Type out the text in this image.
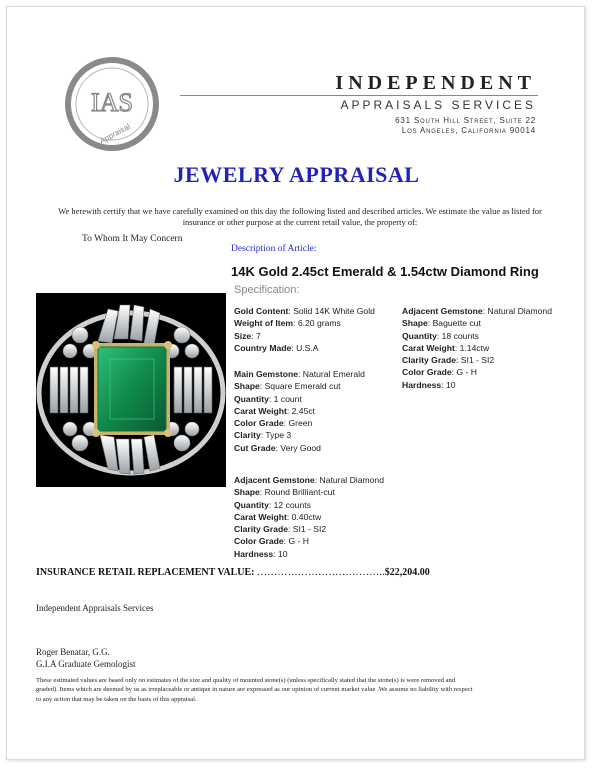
IAS
Appraisal
INDEPENDENT
APPRAISALS SERVICES
631 South Hill Street, Suite 22
Los Angeles, California 90014
JEWELRY APPRAISAL
We herewith certify that we have carefully examined on this day the following listed and described articles. We estimate the value as listed for insurance or other purpose at the current retail value, the property of:
To Whom It May Concern
Description of Article:
14K Gold 2.45ct Emerald & 1.54ctw Diamond Ring
Specification:
Gold Content: Solid 14K White Gold
Weight of Item: 6.20 grams
Size: 7
Country Made: U.S.A
Main Gemstone: Natural Emerald
Shape: Square Emerald cut
Quantity: 1 count
Carat Weight: 2.45ct
Color Grade: Green
Clarity: Type 3
Cut Grade: Very Good
Adjacent Gemstone: Natural Diamond
Shape: Round Brilliant-cut
Quantity: 12 counts
Carat Weight: 0.40ctw
Clarity Grade: SI1 - SI2
Color Grade: G - H
Hardness: 10
Adjacent Gemstone: Natural Diamond
Shape: Baguette cut
Quantity: 18 counts
Carat Weight: 1.14ctw
Clarity Grade: SI1 - SI2
Color Grade: G - H
Hardness: 10
INSURANCE RETAIL REPLACEMENT VALUE: ………………………………..$22,204.00
Independent Appraisals Services
Roger Benatar, G.G.
G.I.A Graduate Gemologist
These estimated values are based only on estimates of the size and quality of mounted stone(s) (unless specifically stated that the stone(s) is were removed and graded). Items which are deemed by us as irreplaceable or antique in nature are expressed as our opinion of current market value .We assume no liability with respect to any action that may be taken on the basis of this appraisal.
